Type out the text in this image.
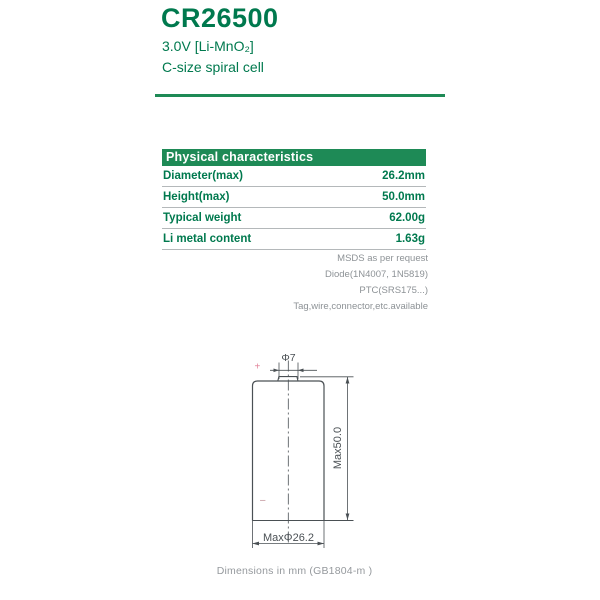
CR26500
3.0V [Li-MnO₂]
C-size spiral cell
Physical characteristics
Diameter(max)	26.2mm
Height(max)	50.0mm
Typical weight	62.00g
Li metal content	1.63g
MSDS as per request
Diode(1N4007, 1N5819)
PTC(SRS175...)
Tag,wire,connector,etc.available
Φ7
+
−
Max50.0
MaxΦ26.2
Dimensions in mm (GB1804-m )
